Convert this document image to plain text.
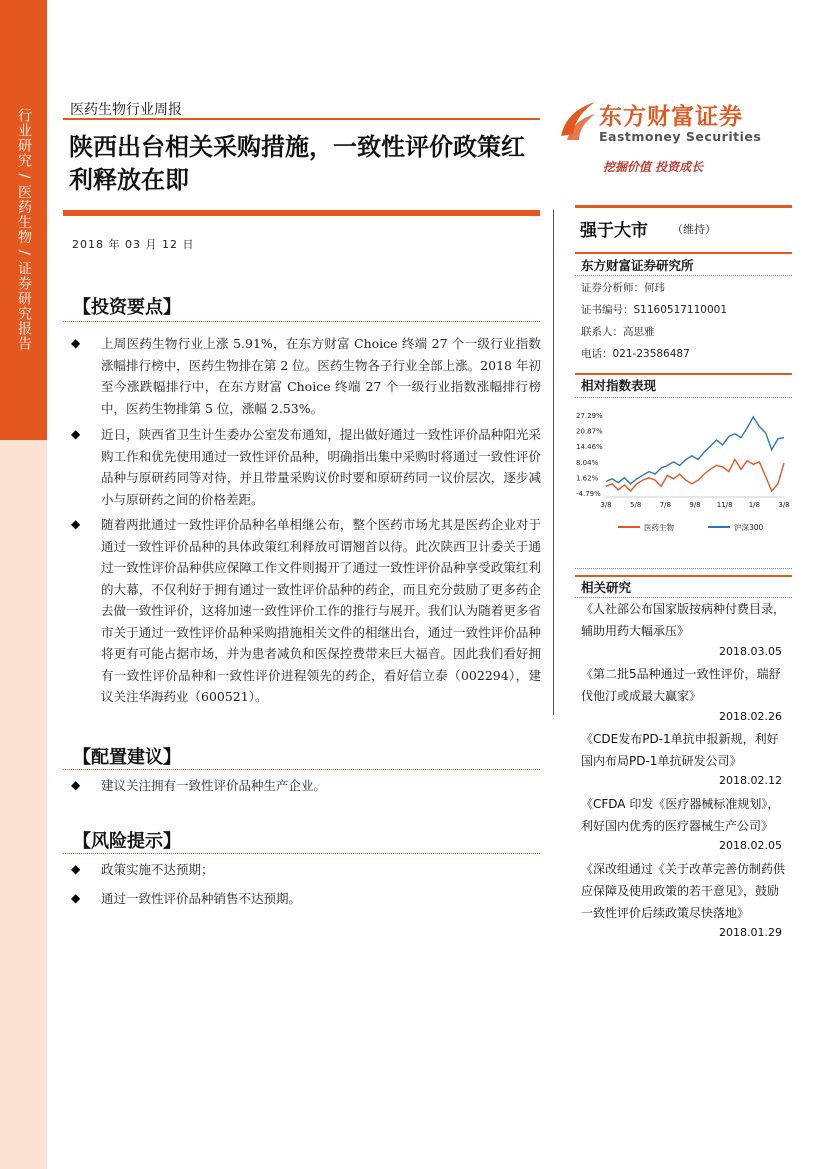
行业研究 / 医药生物 / 证券研究报告	医药生物行业周报
陕西出台相关采购措施，一致性评价政策红利释放在即
2018 年 03 月 12 日
【投资要点】
◆ 上周医药生物行业上涨 5.91%，在东方财富 Choice 终端 27 个一级行业指数涨幅排行榜中，医药生物排在第 2 位。医药生物各子行业全部上涨。2018 年初至今涨跌幅排行中，在东方财富 Choice 终端 27 个一级行业指数涨幅排行榜中，医药生物排第 5 位，涨幅 2.53%。
◆ 近日，陕西省卫生计生委办公室发布通知，提出做好通过一致性评价品种阳光采购工作和优先使用通过一致性评价品种，明确指出集中采购时将通过一致性评价品种与原研药同等对待，并且带量采购议价时要和原研药同一议价层次，逐步减小与原研药之间的价格差距。
◆ 随着两批通过一致性评价品种名单相继公布，整个医药市场尤其是医药企业对于通过一致性评价品种的具体政策红利释放可谓翘首以待。此次陕西卫计委关于通过一致性评价品种供应保障工作文件则揭开了通过一致性评价品种享受政策红利的大幕，不仅利好于拥有通过一致性评价品种的药企，而且充分鼓励了更多药企去做一致性评价，这将加速一致性评价工作的推行与展开。我们认为随着更多省市关于通过一致性评价品种采购措施相关文件的相继出台，通过一致性评价品种将更有可能占据市场，并为患者减负和医保控费带来巨大福音。因此我们看好拥有一致性评价品种和一致性评价进程领先的药企，看好信立泰（002294），建议关注华海药业（600521）。
【配置建议】
◆ 建议关注拥有一致性评价品种生产企业。
【风险提示】
◆ 政策实施不达预期；
◆ 通过一致性评价品种销售不达预期。
东方财富证券
Eastmoney Securities
挖掘价值 投资成长
强于大市 （维持）
东方财富证券研究所
证券分析师：何玮
证书编号：S1160517110001
联系人：高思雅
电话：021-23586487
相对指数表现
27.29%
20.87%
14.46%
8.04%
1.62%
-4.79%
3/8	5/8	7/8	9/8 11/8 1/8	3/8
医药生物	沪深300
相关研究
《人社部公布国家版按病种付费目录，辅助用药大幅承压》
2018.03.05
《第二批5品种通过一致性评价，瑞舒伐他汀或成最大赢家》
2018.02.26
《CDE发布PD-1单抗申报新规，利好国内布局PD-1单抗研发公司》
2018.02.12
《CFDA 印发《医疗器械标准规划》，利好国内优秀的医疗器械生产公司》
2018.02.05
《深改组通过《关于改革完善仿制药供应保障及使用政策的若干意见》，鼓励一致性评价后续政策尽快落地》
2018.01.29
